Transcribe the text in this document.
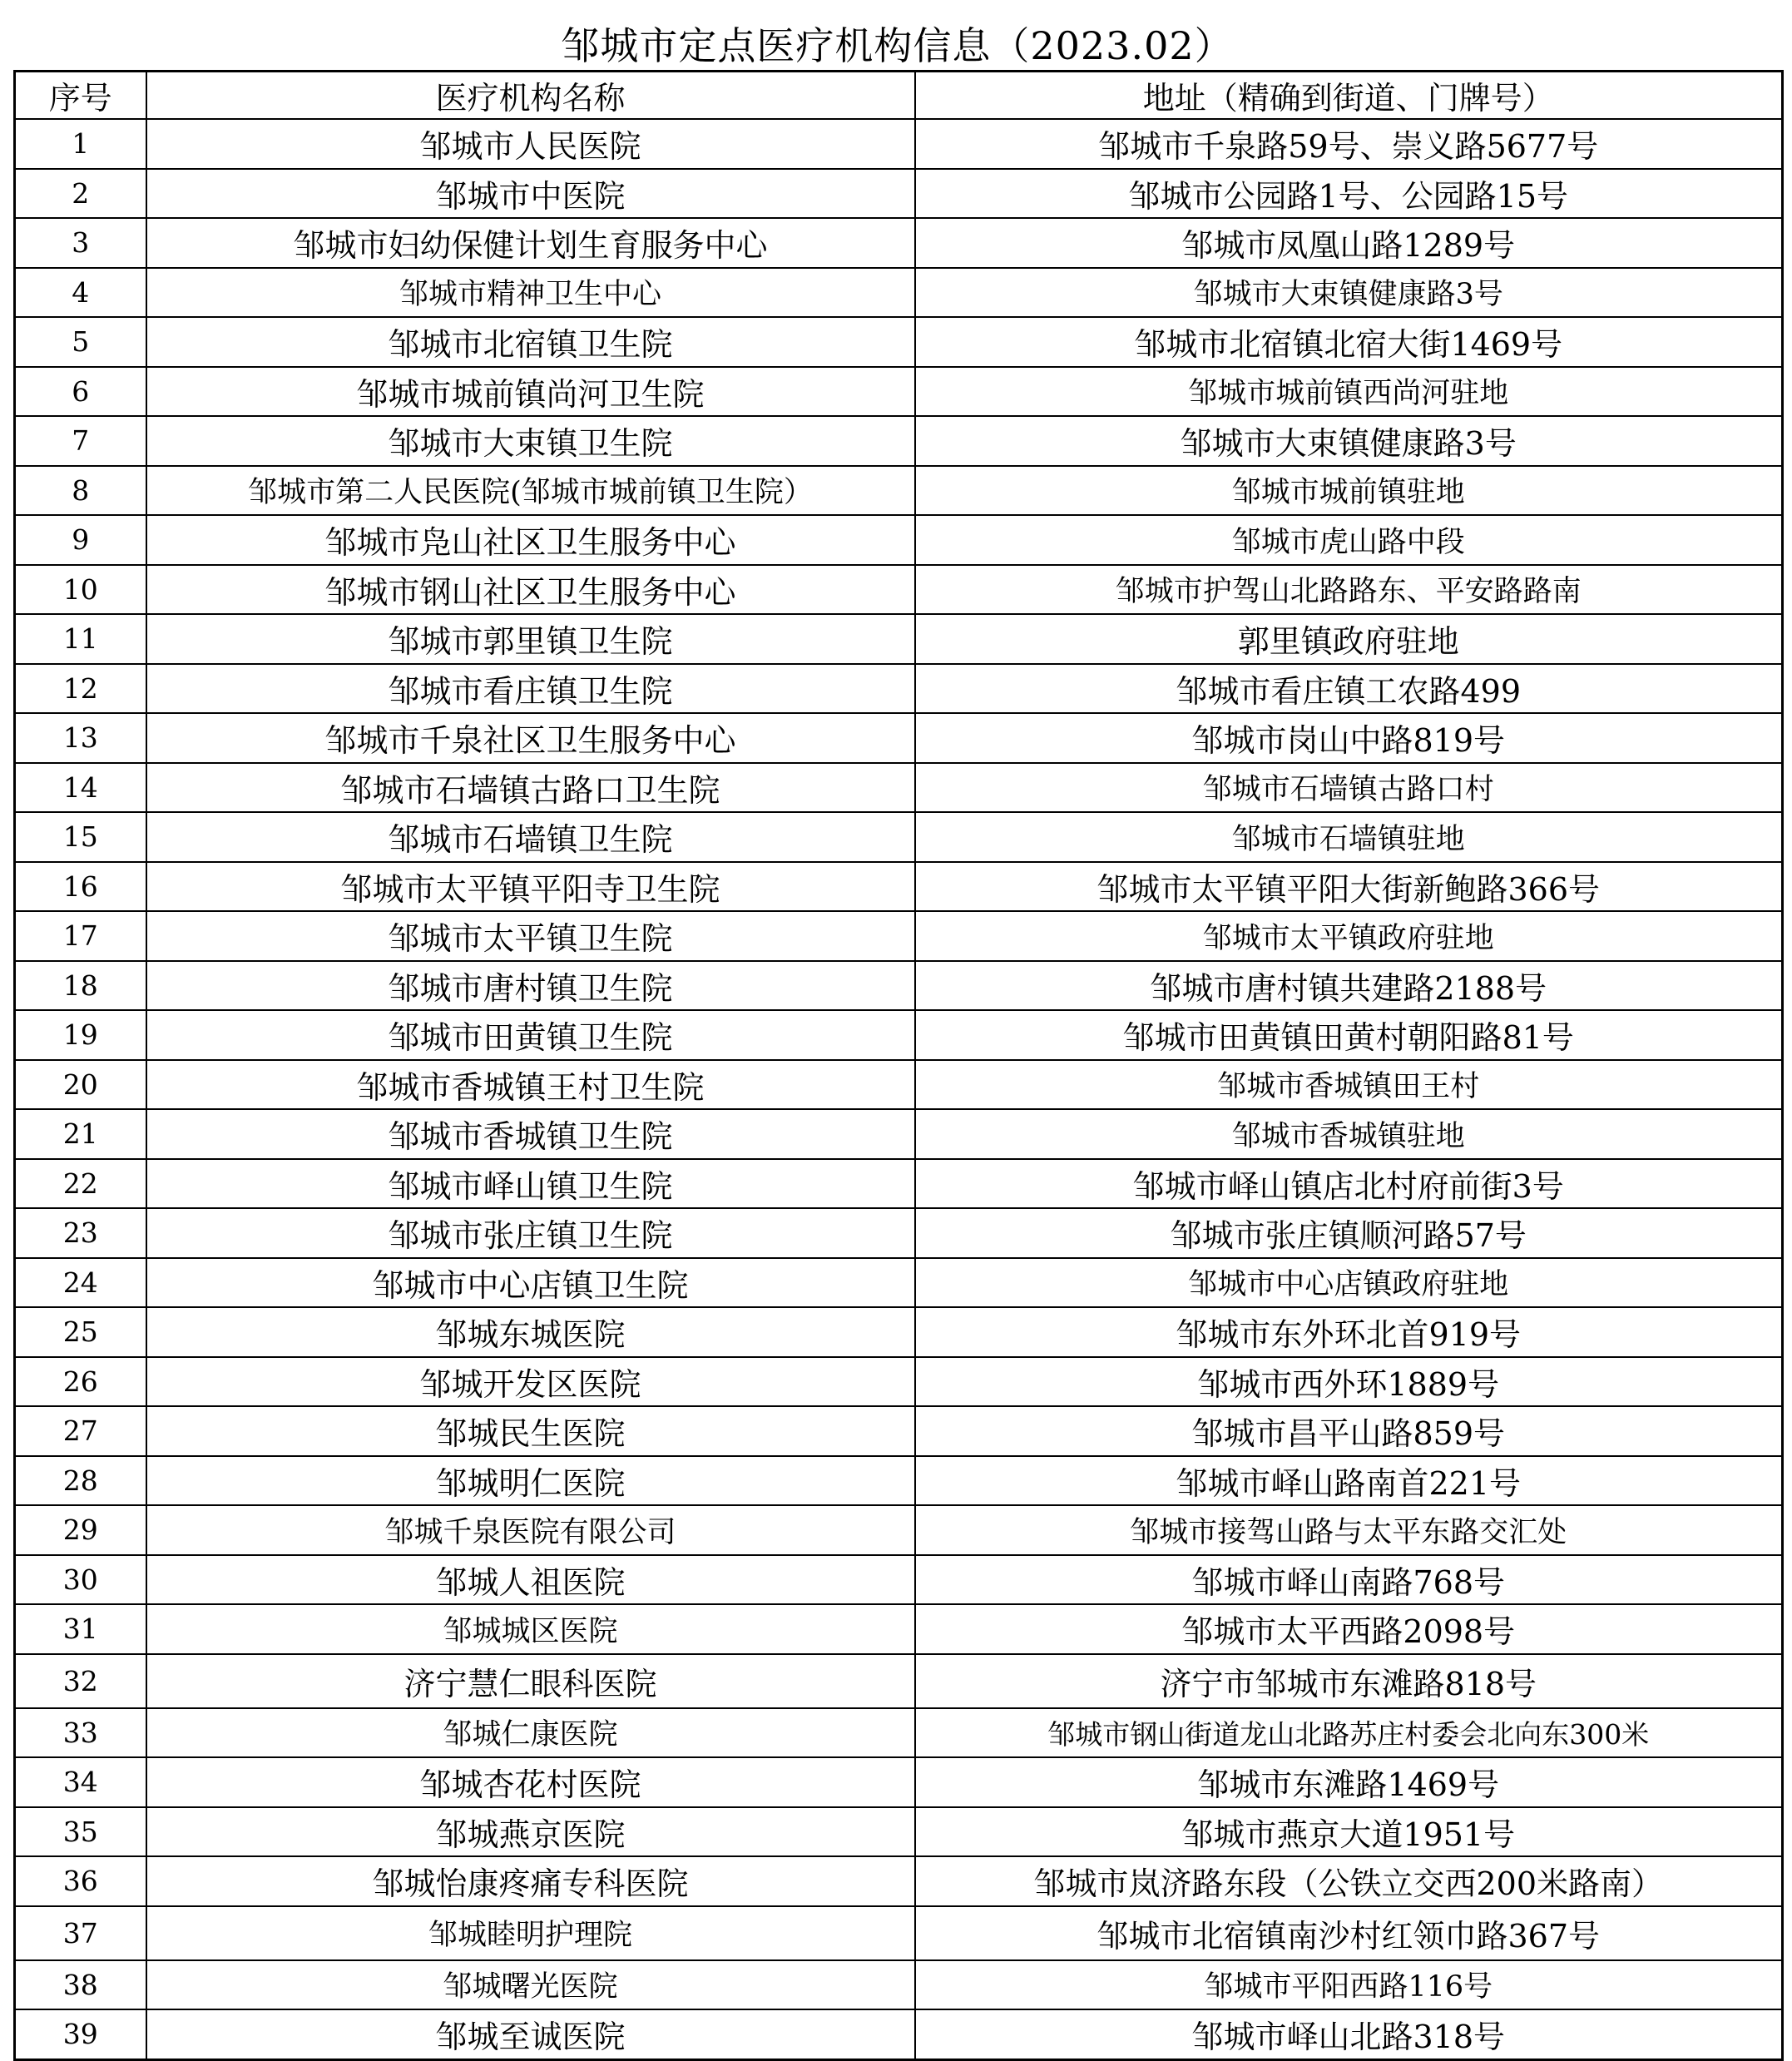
邹城市定点医疗机构信息（2023.02）
序号	医疗机构名称	地址（精确到街道、门牌号）
1	邹城市人民医院	邹城市千泉路59号、崇义路5677号
2	邹城市中医院	邹城市公园路1号、公园路15号
3	邹城市妇幼保健计划生育服务中心	邹城市凤凰山路1289号
4	邹城市精神卫生中心	邹城市大束镇健康路3号
5	邹城市北宿镇卫生院	邹城市北宿镇北宿大街1469号
6	邹城市城前镇尚河卫生院	邹城市城前镇西尚河驻地
7	邹城市大束镇卫生院	邹城市大束镇健康路3号
8	邹城市第二人民医院(邹城市城前镇卫生院）	邹城市城前镇驻地
9	邹城市凫山社区卫生服务中心	邹城市虎山路中段
10	邹城市钢山社区卫生服务中心	邹城市护驾山北路路东、平安路路南
11	邹城市郭里镇卫生院	郭里镇政府驻地
12	邹城市看庄镇卫生院	邹城市看庄镇工农路499
13	邹城市千泉社区卫生服务中心	邹城市岗山中路819号
14	邹城市石墙镇古路口卫生院	邹城市石墙镇古路口村
15	邹城市石墙镇卫生院	邹城市石墙镇驻地
16	邹城市太平镇平阳寺卫生院	邹城市太平镇平阳大街新鲍路366号
17	邹城市太平镇卫生院	邹城市太平镇政府驻地
18	邹城市唐村镇卫生院	邹城市唐村镇共建路2188号
19	邹城市田黄镇卫生院	邹城市田黄镇田黄村朝阳路81号
20	邹城市香城镇王村卫生院	邹城市香城镇田王村
21	邹城市香城镇卫生院	邹城市香城镇驻地
22	邹城市峄山镇卫生院	邹城市峄山镇店北村府前街3号
23	邹城市张庄镇卫生院	邹城市张庄镇顺河路57号
24	邹城市中心店镇卫生院	邹城市中心店镇政府驻地
25	邹城东城医院	邹城市东外环北首919号
26	邹城开发区医院	邹城市西外环1889号
27	邹城民生医院	邹城市昌平山路859号
28	邹城明仁医院	邹城市峄山路南首221号
29	邹城千泉医院有限公司	邹城市接驾山路与太平东路交汇处
30	邹城人祖医院	邹城市峄山南路768号
31	邹城城区医院	邹城市太平西路2098号
32	济宁慧仁眼科医院	济宁市邹城市东滩路818号
33	邹城仁康医院	邹城市钢山街道龙山北路苏庄村委会北向东300米
34	邹城杏花村医院	邹城市东滩路1469号
35	邹城燕京医院	邹城市燕京大道1951号
36	邹城怡康疼痛专科医院	邹城市岚济路东段（公铁立交西200米路南）
37	邹城睦明护理院	邹城市北宿镇南沙村红领巾路367号
38	邹城曙光医院	邹城市平阳西路116号
39	邹城至诚医院	邹城市峄山北路318号
